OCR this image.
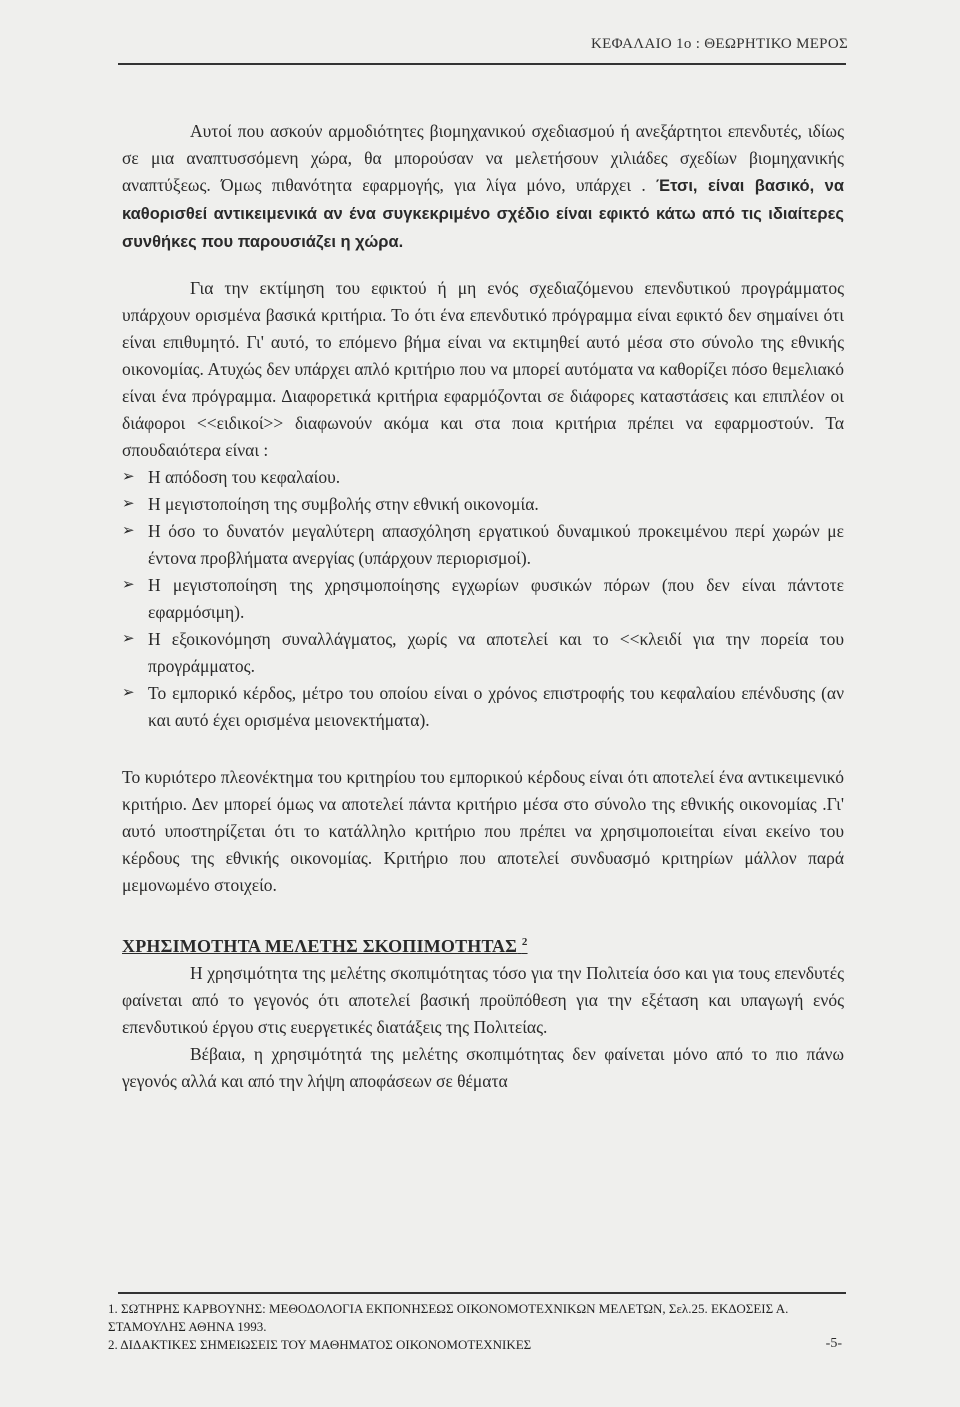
ΚΕΦΑΛΑΙΟ 1ο : ΘΕΩΡΗΤΙΚΟ ΜΕΡΟΣ

Αυτοί που ασκούν αρμοδιότητες βιομηχανικού σχεδιασμού ή ανεξάρτητοι επενδυτές, ιδίως σε μια αναπτυσσόμενη χώρα, θα μπορούσαν να μελετήσουν χιλιάδες σχεδίων βιομηχανικής αναπτύξεως. Όμως πιθανότητα εφαρμογής, για λίγα μόνο, υπάρχει . Έτσι, είναι βασικό, να καθορισθεί αντικειμενικά αν ένα συγκεκριμένο σχέδιο είναι εφικτό κάτω από τις ιδιαίτερες συνθήκες που παρουσιάζει η χώρα.

Για την εκτίμηση του εφικτού ή μη ενός σχεδιαζόμενου επενδυτικού προγράμματος υπάρχουν ορισμένα βασικά κριτήρια. Το ότι ένα επενδυτικό πρόγραμμα είναι εφικτό δεν σημαίνει ότι είναι επιθυμητό. Γι' αυτό, το επόμενο βήμα είναι να εκτιμηθεί αυτό μέσα στο σύνολο της εθνικής οικονομίας. Ατυχώς δεν υπάρχει απλό κριτήριο που να μπορεί αυτόματα να καθορίζει πόσο θεμελιακό είναι ένα πρόγραμμα. Διαφορετικά κριτήρια εφαρμόζονται σε διάφορες καταστάσεις και επιπλέον οι διάφοροι <<ειδικοί>> διαφωνούν ακόμα και στα ποια κριτήρια πρέπει να εφαρμοστούν. Τα σπουδαιότερα είναι :

➢ Η απόδοση του κεφαλαίου.
➢ Η μεγιστοποίηση της συμβολής στην εθνική οικονομία.
➢ Η όσο το δυνατόν μεγαλύτερη απασχόληση εργατικού δυναμικού προκειμένου περί χωρών με έντονα προβλήματα ανεργίας (υπάρχουν περιορισμοί).
➢ Η μεγιστοποίηση της χρησιμοποίησης εγχωρίων φυσικών πόρων (που δεν είναι πάντοτε εφαρμόσιμη).
➢ Η εξοικονόμηση συναλλάγματος, χωρίς να αποτελεί και το <<κλειδί για την πορεία του προγράμματος.
➢ Το εμπορικό κέρδος, μέτρο του οποίου είναι ο χρόνος επιστροφής του κεφαλαίου επένδυσης (αν και αυτό έχει ορισμένα μειονεκτήματα).

Το κυριότερο πλεονέκτημα του κριτηρίου του εμπορικού κέρδους είναι ότι αποτελεί ένα αντικειμενικό κριτήριο. Δεν μπορεί όμως να αποτελεί πάντα κριτήριο μέσα στο σύνολο της εθνικής οικονομίας .Γι' αυτό υποστηρίζεται ότι το κατάλληλο κριτήριο που πρέπει να χρησιμοποιείται είναι εκείνο του κέρδους της εθνικής οικονομίας. Κριτήριο που αποτελεί συνδυασμό κριτηρίων μάλλον παρά μεμονωμένο στοιχείο.

ΧΡΗΣΙΜΟΤΗΤΑ ΜΕΛΕΤΗΣ ΣΚΟΠΙΜΟΤΗΤΑΣ $^2$

Η χρησιμότητα της μελέτης σκοπιμότητας τόσο για την Πολιτεία όσο και για τους επενδυτές φαίνεται από το γεγονός ότι αποτελεί βασική προϋπόθεση για την εξέταση και υπαγωγή ενός επενδυτικού έργου στις ευεργετικές διατάξεις της Πολιτείας.

Βέβαια, η χρησιμότητά της μελέτης σκοπιμότητας δεν φαίνεται μόνο από το πιο πάνω γεγονός αλλά και από την λήψη αποφάσεων σε θέματα

1. ΣΩΤΗΡΗΣ ΚΑΡΒΟΥΝΗΣ: ΜΕΘΟΔΟΛΟΓΙΑ ΕΚΠΟΝΗΣΕΩΣ ΟΙΚΟΝΟΜΟΤΕΧΝΙΚΩΝ ΜΕΛΕΤΩΝ, Σελ.25. ΕΚΔΟΣΕΙΣ Α. ΣΤΑΜΟΥΛΗΣ ΑΘΗΝΑ 1993.

2. ΔΙΔΑΚΤΙΚΕΣ ΣΗΜΕΙΩΣΕΙΣ ΤΟΥ ΜΑΘΗΜΑΤΟΣ ΟΙΚΟΝΟΜΟΤΕΧΝΙΚΕΣ	-5-
